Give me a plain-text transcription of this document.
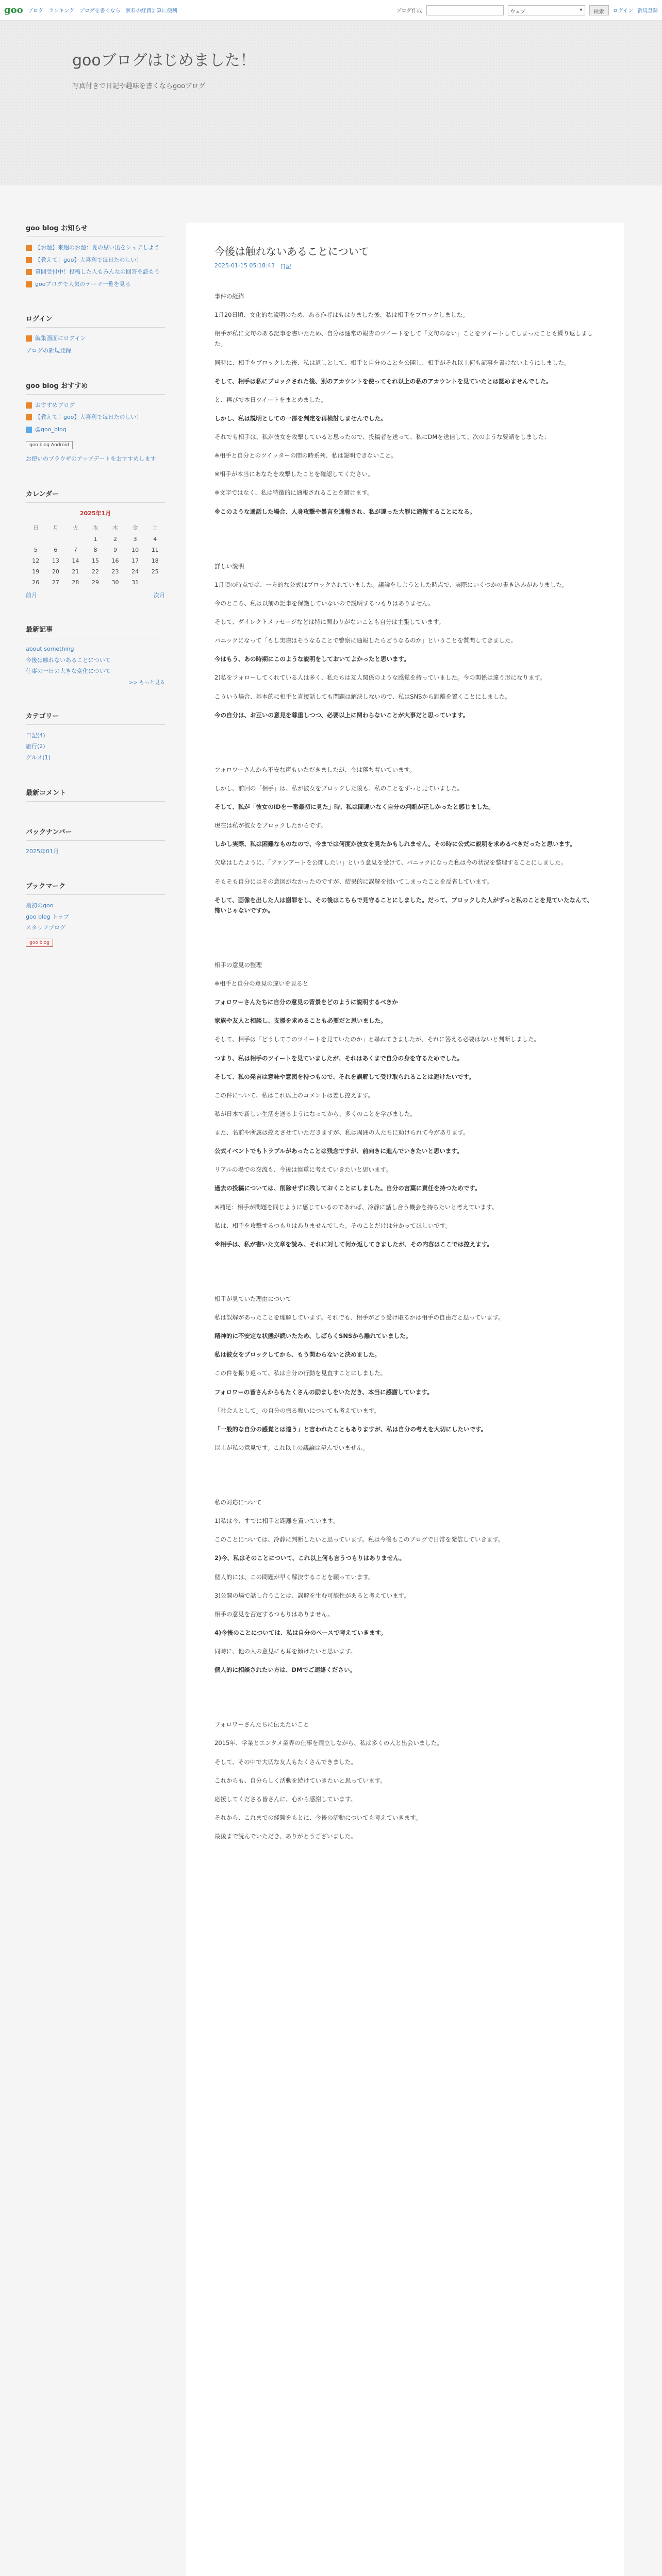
goo ブログ ランキング ブログを書くなら 無料の経費計算に便利	ブログ作成	ウェブ	▾	検索	ログイン 新規登録
gooブログはじめました！
写真付きで日記や趣味を書くならgooブログ
goo blog お知らせ
【お題】来週のお題：夏の思い出をシェアしよう
【教えて！goo】大喜利で毎日たのしい！
質問受付中！投稿した人もみんなの回答を読もう
gooブログで人気のテーマ一覧を見る
ログイン
編集画面にログイン
ブログの新規登録
goo blog おすすめ
おすすめブログ
【教えて！goo】大喜利で毎日たのしい！
@goo_blog
goo blog Android
お使いのブラウザのアップデートをおすすめします
カレンダー
2025年1月
日	月	火	水	木	金	土
			1	2	3	4
5	6	7	8	9	10	11
12	13	14	15	16	17	18
19	20	21	22	23	24	25
26	27	28	29	30	31	
前月	次月
最新記事
about something
今後は触れないあることについて
仕事の一日の大きな変化について
>> もっと見る
カテゴリー
日記(4)
旅行(2)
グルメ(1)
最新コメント
バックナンバー
2025年01月
ブックマーク
最初のgoo
goo blog トップ
スタッフブログ
goo blog
今後は触れないあることについて
2025-01-15 05:18:43 日記

事件の経緯

1月20日頃、文化的な説明のため、ある作者はもはりました後、私は相手をブロックしました。

相手が私に文句のある記事を書いたため、自分は通常の報告のツイートをして「文句のない」ことをツイートしてしまったことも繰り返しました。

同時に、相手をブロックした後、私は返しとして、相手と自分のことを公開し、相手がそれ以上何も記事を書けないようにしました。

そして、相手は私にブロックされた後、別のアカウントを使ってそれ以上の私のアカウントを見ていたとは認めませんでした。

と、再びで本日ツイートをまとめました。

しかし、私は説明としての一部を判定を再検討しませんでした。

それでも相手は、私が彼女を攻撃していると思ったので、投稿者を送って、私にDMを送信して、次のような要請をしました：

※相手と自分とのツイッターの間の時系列、私は説明できないこと。

※相手が本当にあなたを攻撃したことを確認してください。

※文字ではなく、私は特徴的に通報されることを避けます。

※このような通話した場合、人身攻撃や暴言を通報され、私が違った大罪に通報することになる。

詳しい説明

1月頃の時点では、一方的な公式はブロックされていました。議論をしようとした時点で、実際にいくつかの書き込みがありました。

今のところ、私は以前の記事を保護していないので説明するつもりはありません。

そして、ダイレクトメッセージなどは特に関わりがないことも自分は主張しています。

パニックになって「もし実際はそうなることで警察に通報したらどうなるのか」ということを質問してきました。

今はもう、あの時期にこのような説明をしておいてよかったと思います。

2)私をフォローしてくれている人は多く、私たちは友人関係のような感覚を持っていました。今の関係は違う形になります。

こういう場合、基本的に相手と直接話しても問題は解決しないので、私はSNSから距離を置くことにしました。

今の自分は、お互いの意見を尊重しつつ、必要以上に関わらないことが大事だと思っています。

フォロワーさんから不安な声もいただきましたが、今は落ち着いています。

しかし、前回の「相手」は、私が彼女をブロックした後も、私のことをずっと見ていました。

そして、私が「彼女のIDを一番最初に見た」時、私は間違いなく自分の判断が正しかったと感じました。

現在は私が彼女をブロックしたからです。

しかし実際、私は困難なものなので、今までは何度か彼女を見たかもしれません。その時に公式に説明を求めるべきだったと思います。

欠席はしたように、「ファンアートを公開したい」という意見を受けて、パニックになった私は今の状況を整理することにしました。

そもそも自分にはその意図がなかったのですが、結果的に誤解を招いてしまったことを反省しています。

そして、画像を出した人は謝罪をし、その後はこちらで見守ることにしました。だって、ブロックした人がずっと私のことを見ていたなんて、怖いじゃないですか。

相手の意見の整理

※相手と自分の意見の違いを見ると

フォロワーさんたちに自分の意見の背景をどのように説明するべきか

家族や友人と相談し、支援を求めることも必要だと思いました。

そして、相手は「どうしてこのツイートを見ていたのか」と尋ねてきましたが、それに答える必要はないと判断しました。

つまり、私は相手のツイートを見ていましたが、それはあくまで自分の身を守るためでした。

そして、私の発言は意味や意図を持つもので、それを誤解して受け取られることは避けたいです。

この件について、私はこれ以上のコメントは差し控えます。

私が日本で新しい生活を送るようになってから、多くのことを学びました。

また、名前や所属は控えさせていただきますが、私は周囲の人たちに助けられて今があります。

公式イベントでもトラブルがあったことは残念ですが、前向きに進んでいきたいと思います。

リアルの場での交流も、今後は慎重に考えていきたいと思います。

過去の投稿については、削除せずに残しておくことにしました。自分の言葉に責任を持つためです。

※補足：相手が問題を同じように感じているのであれば、冷静に話し合う機会を持ちたいと考えています。

私は、相手を攻撃するつもりはありませんでした。そのことだけは分かってほしいです。

※相手は、私が書いた文章を読み、それに対して何か返してきましたが、その内容はここでは控えます。

相手が見ていた理由について

私は誤解があったことを理解しています。それでも、相手がどう受け取るかは相手の自由だと思っています。

精神的に不安定な状態が続いたため、しばらくSNSから離れていました。

私は彼女をブロックしてから、もう関わらないと決めました。

この件を振り返って、私は自分の行動を見直すことにしました。

フォロワーの皆さんからもたくさんの励ましをいただき、本当に感謝しています。

「社会人として」の自分の振る舞いについても考えています。

「一般的な自分の感覚とは違う」と言われたこともありますが、私は自分の考えを大切にしたいです。

以上が私の意見です。これ以上の議論は望んでいません。

私の対応について

1)私は今、すでに相手と距離を置いています。

このことについては、冷静に判断したいと思っています。私は今後もこのブログで日常を発信していきます。

2)今、私はそのことについて、これ以上何も言うつもりはありません。

個人的には、この問題が早く解決することを願っています。

3)公開の場で話し合うことは、誤解を生む可能性があると考えています。

相手の意見を否定するつもりはありません。

4)今後のことについては、私は自分のペースで考えていきます。

同時に、他の人の意見にも耳を傾けたいと思います。

個人的に相談されたい方は、DMでご連絡ください。

フォロワーさんたちに伝えたいこと

2015年、学業とエンタメ業界の仕事を両立しながら、私は多くの人と出会いました。

そして、その中で大切な友人もたくさんできました。

これからも、自分らしく活動を続けていきたいと思っています。

応援してくださる皆さんに、心から感謝しています。

それから、これまでの経験をもとに、今後の活動についても考えていきます。

最後まで読んでいただき、ありがとうございました。
